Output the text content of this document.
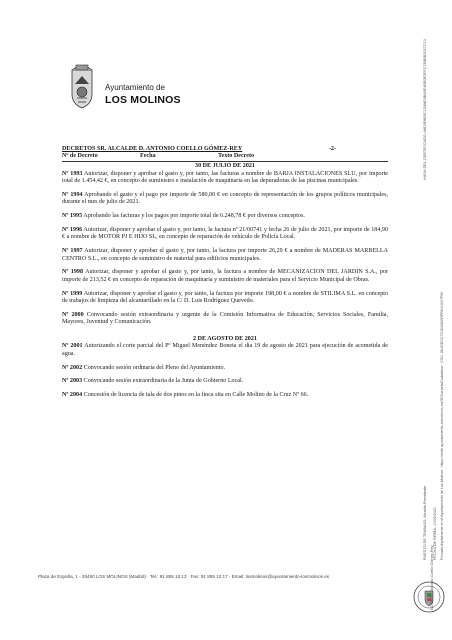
Ayuntamiento de
LOS MOLINOS
DECRETOS SR. ALCALDE D. ANTONIO COELLO GÓMEZ-REY	-2-
Nº de Decreto	Fecha	Texto Decreto
30 DE JULIO DE 2021

Nº 1993 Autorizar, disponer y aprobar el gasto y, por tanto, las facturas a nombre de BARJA INSTALACIONES SLU, por importe total de 1.454,42 €, en concepto de suministro e instalación de maquinaria en las depuradoras de las piscinas municipales.

Nº 1994 Aprobando el gasto y el pago por importe de 580,00 € en concepto de representación de los grupos políticos municipales, durante el mes de julio de 2021.

Nº 1995 Aprobando las facturas y los pagos por importe total de 6.248,78 € por diversos conceptos.

Nº 1996 Autorizar, disponer y aprobar el gasto y, por tanto, la factura nº 21/00741 y fecha 26 de julio de 2021, por importe de 184,90 € a nombre de MOTOR PJ E HIJO SL, en concepto de reparación de vehículo de Policía Local.

Nº 1997 Autorizar, disponer y aprobar el gasto y, por tanto, la factura por importe 26,29 € a nombre de MADERAS MARBELLA CENTRO S.L., en concepto de suministro de material para edificios municipales.

Nº 1998 Autorizar, disponer y aprobar el gasto y, por tanto, la factura a nombre de MECANIZACION DEL JARDIN S.A., por importe de 213,52 € en concepto de reparación de maquinaria y suministro de materiales para el Servicio Municipal de Obras.

Nº 1999 Autorizar, disponer y aprobar el gasto y, por tanto, la factura por importe 198,00 € a nombre de STILIMA S.L. en concepto de trabajos de limpieza del alcantarillado en la C/ D. Luis Rodríguez Quevedo.

Nº 2000 Convocando sesión extraordinaria y urgente de la Comisión Informativa de Educación, Servicios Sociales, Familia, Mayores, Juventud y Comunicación.

2 DE AGOSTO DE 2021

Nº 2001 Autorizando el corte parcial del Pº Miguel Menéndez Boneta el día 19 de agosto de 2021 para ejecución de acometida de agua.

Nº 2002 Convocando sesión ordinaria del Pleno del Ayuntamiento.

Nº 2003 Convocando sesión extraordinaria de la Junta de Gobierno Local.

Nº 2004 Concesión de licencia de tala de dos pinos en la finca sita en Calle Molino de la Cruz Nº 66.

Plaza de España, 1 - 28460 LOS MOLINOS (Madrid) · Tel.: 91 855 10 13 · Fax: 91 855 10 17 · Email: losmolinos@ayuntamiento-losmolinos.es
HASH DEL CERTIFICADO: A8D9F8B5C1D8AF8BA9F4BE0E2FFC7E8BB2027C13
FECHA DE FIRMA: 17/09/2021 Firmado digitalmente en el Ayuntamiento de Los Molinos · https://sede.ayuntamiento-losmolinos.es/GDCarpetaCiudadana · CSV: 2B4GDCC7Z4K3ABXRPRHXJ3V7PW
PUESTO DE TRABAJO: Alcalde-Presidente
NOMBRE: Antonio Coello Gómez-Rey
